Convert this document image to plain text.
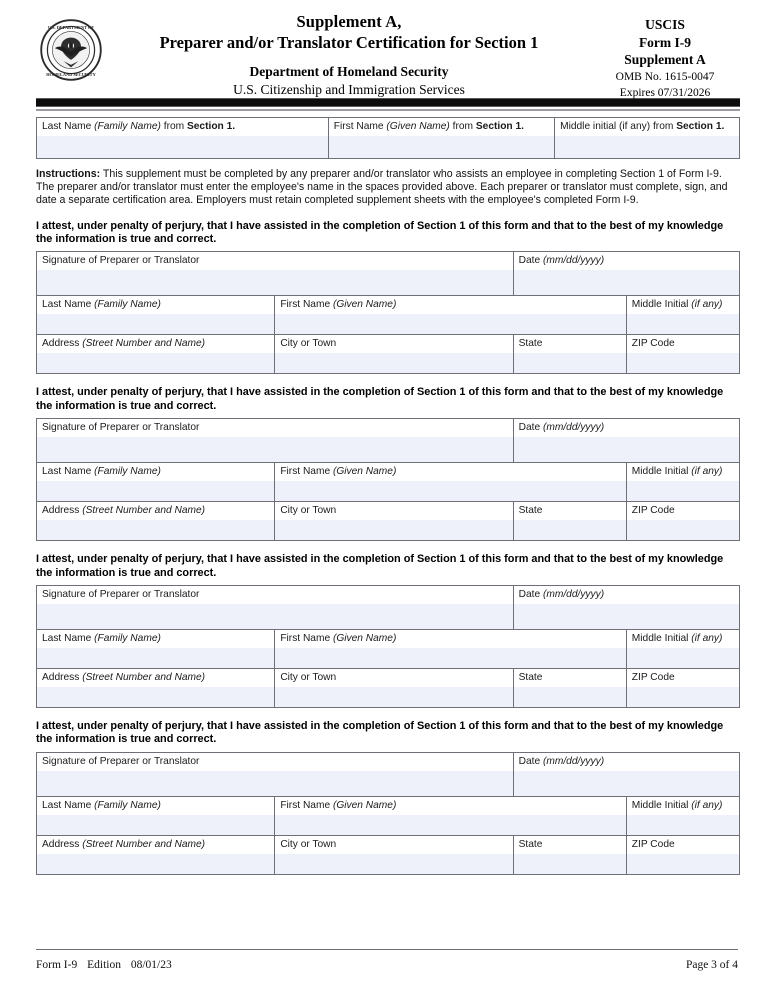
U.S. DEPARTMENT OF
HOMELAND SECURITY
Supplement A,
Preparer and/or Translator Certification for Section 1
Department of Homeland Security
U.S. Citizenship and Immigration Services
USCIS
Form I-9
Supplement A
OMB No. 1615-0047
Expires 07/31/2026
Last Name (Family Name) from Section 1.	First Name (Given Name) from Section 1.	Middle initial (if any) from Section 1.
Instructions: This supplement must be completed by any preparer and/or translator who assists an employee in completing Section 1 of Form I-9. The preparer and/or translator must enter the employee's name in the spaces provided above. Each preparer or translator must complete, sign, and date a separate certification area. Employers must retain completed supplement sheets with the employee's completed Form I-9.
I attest, under penalty of perjury, that I have assisted in the completion of Section 1 of this form and that to the best of my knowledge the information is true and correct.
Signature of Preparer or Translator		Date (mm/dd/yyyy)	

Last Name (Family Name)	First Name (Given Name)		Middle Initial (if any)

Address (Street Number and Name)	City or Town	State	ZIP Code
I attest, under penalty of perjury, that I have assisted in the completion of Section 1 of this form and that to the best of my knowledge the information is true and correct.
Signature of Preparer or Translator		Date (mm/dd/yyyy)	

Last Name (Family Name)	First Name (Given Name)		Middle Initial (if any)

Address (Street Number and Name)	City or Town	State	ZIP Code
I attest, under penalty of perjury, that I have assisted in the completion of Section 1 of this form and that to the best of my knowledge the information is true and correct.
Signature of Preparer or Translator		Date (mm/dd/yyyy)	

Last Name (Family Name)	First Name (Given Name)		Middle Initial (if any)

Address (Street Number and Name)	City or Town	State	ZIP Code
I attest, under penalty of perjury, that I have assisted in the completion of Section 1 of this form and that to the best of my knowledge the information is true and correct.
Signature of Preparer or Translator		Date (mm/dd/yyyy)	

Last Name (Family Name)	First Name (Given Name)		Middle Initial (if any)

Address (Street Number and Name)	City or Town	State	ZIP Code
Form I-9 Edition 08/01/23	Page 3 of 4
